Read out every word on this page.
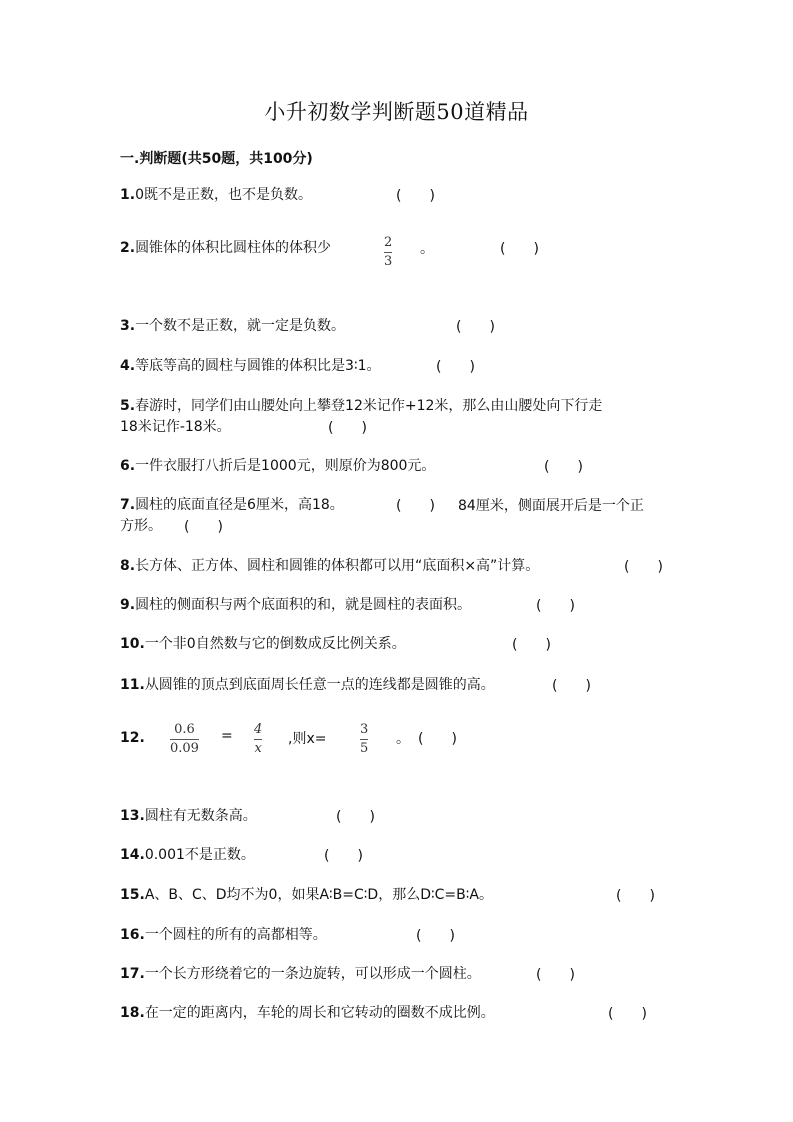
小升初数学判断题50道精品
一.判断题(共50题，共100分)
1.0既不是正数，也不是负数。	(　　)
2.圆锥体的体积比圆柱体的体积少	2
3
。	(　　)
3.一个数不是正数，就一定是负数。	(　　)
4.等底等高的圆柱与圆锥的体积比是3∶1。	(　　)
5.春游时，同学们由山腰处向上攀登12米记作+12米，那么由山腰处向下行走
18米记作-18米。	(　　)
6.一件衣服打八折后是1000元，则原价为800元。	(　　)
7.圆柱的底面直径是6厘米，高18。	(　　) 84厘米，侧面展开后是一个正
方形。 (　　)
8.长方体、正方体、圆柱和圆锥的体积都可以用“底面积×高”计算。	(　　)
9.圆柱的侧面积与两个底面积的和，就是圆柱的表面积。	(　　)
10.一个非0自然数与它的倒数成反比例关系。	(　　)
11.从圆锥的顶点到底面周长任意一点的连线都是圆锥的高。	(　　)
12.
0.6
0.09
= 4
x
,则x=
3
5
。 (　　)
13.圆柱有无数条高。	(　　)
14.0.001不是正数。	(　　)
15.A、B、C、D均不为0，如果A∶B=C∶D，那么D∶C=B∶A。	(　　)
16.一个圆柱的所有的高都相等。	(　　)
17.一个长方形绕着它的一条边旋转，可以形成一个圆柱。	(　　)
18.在一定的距离内，车轮的周长和它转动的圈数不成比例。	(　　)
